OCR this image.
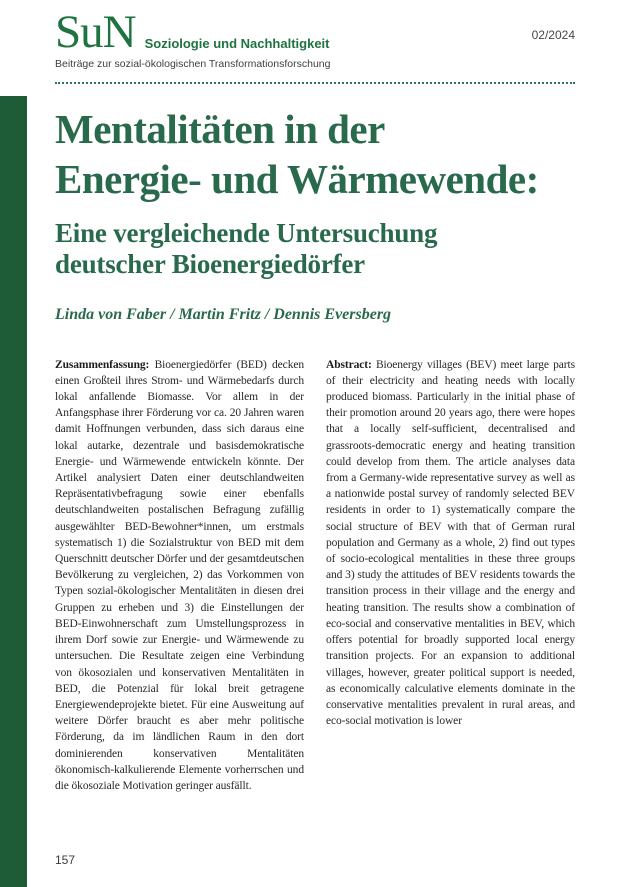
SuN Soziologie und Nachhaltigkeit
02/2024
Beiträge zur sozial-ökologischen Transformationsforschung
Mentalitäten in der
Energie- und Wärmewende:
Eine vergleichende Untersuchung
deutscher Bioenergiedörfer
Linda von Faber / Martin Fritz / Dennis Eversberg

Zusammenfassung: Bioenergiedörfer (BED) decken einen Großteil ihres Strom- und Wärmebedarfs durch lokal anfallende Biomasse. Vor allem in der Anfangsphase ihrer Förderung vor ca. 20 Jahren waren damit Hoffnungen verbunden, dass sich daraus eine lokal autarke, dezentrale und basisdemokratische Energie- und Wärmewende entwickeln könnte. Der Artikel analysiert Daten einer deutschlandweiten Repräsentativbefragung sowie einer ebenfalls deutschlandweiten postalischen Befragung zufällig ausgewählter BED-Bewohner*innen, um erstmals systematisch 1) die Sozialstruktur von BED mit dem Querschnitt deutscher Dörfer und der gesamtdeutschen Bevölkerung zu vergleichen, 2) das Vorkommen von Typen sozial-ökologischer Mentalitäten in diesen drei Gruppen zu erheben und 3) die Einstellungen der BED-Einwohnerschaft zum Umstellungsprozess in ihrem Dorf sowie zur Energie- und Wärmewende zu untersuchen. Die Resultate zeigen eine Verbindung von ökosozialen und konservativen Mentalitäten in BED, die Potenzial für lokal breit getragene Energiewendeprojekte bietet. Für eine Ausweitung auf weitere Dörfer braucht es aber mehr politische Förderung, da im ländlichen Raum in den dort dominierenden konservativen Mentalitäten ökonomisch-kalkulierende Elemente vorherrschen und die ökosoziale Motivation geringer ausfällt.

Abstract: Bioenergy villages (BEV) meet large parts of their electricity and heating needs with locally produced biomass. Particularly in the initial phase of their promotion around 20 years ago, there were hopes that a locally self-sufficient, decentralised and grassroots-democratic energy and heating transition could develop from them. The article analyses data from a Germany-wide representative survey as well as a nationwide postal survey of randomly selected BEV residents in order to 1) systematically compare the social structure of BEV with that of German rural population and Germany as a whole, 2) find out types of socio-ecological mentalities in these three groups and 3) study the attitudes of BEV residents towards the transition process in their village and the energy and heating transition. The results show a combination of eco-social and conservative mentalities in BEV, which offers potential for broadly supported local energy transition projects. For an expansion to additional villages, however, greater political support is needed, as economically calculative elements dominate in the conservative mentalities prevalent in rural areas, and eco-social motivation is lower

157
